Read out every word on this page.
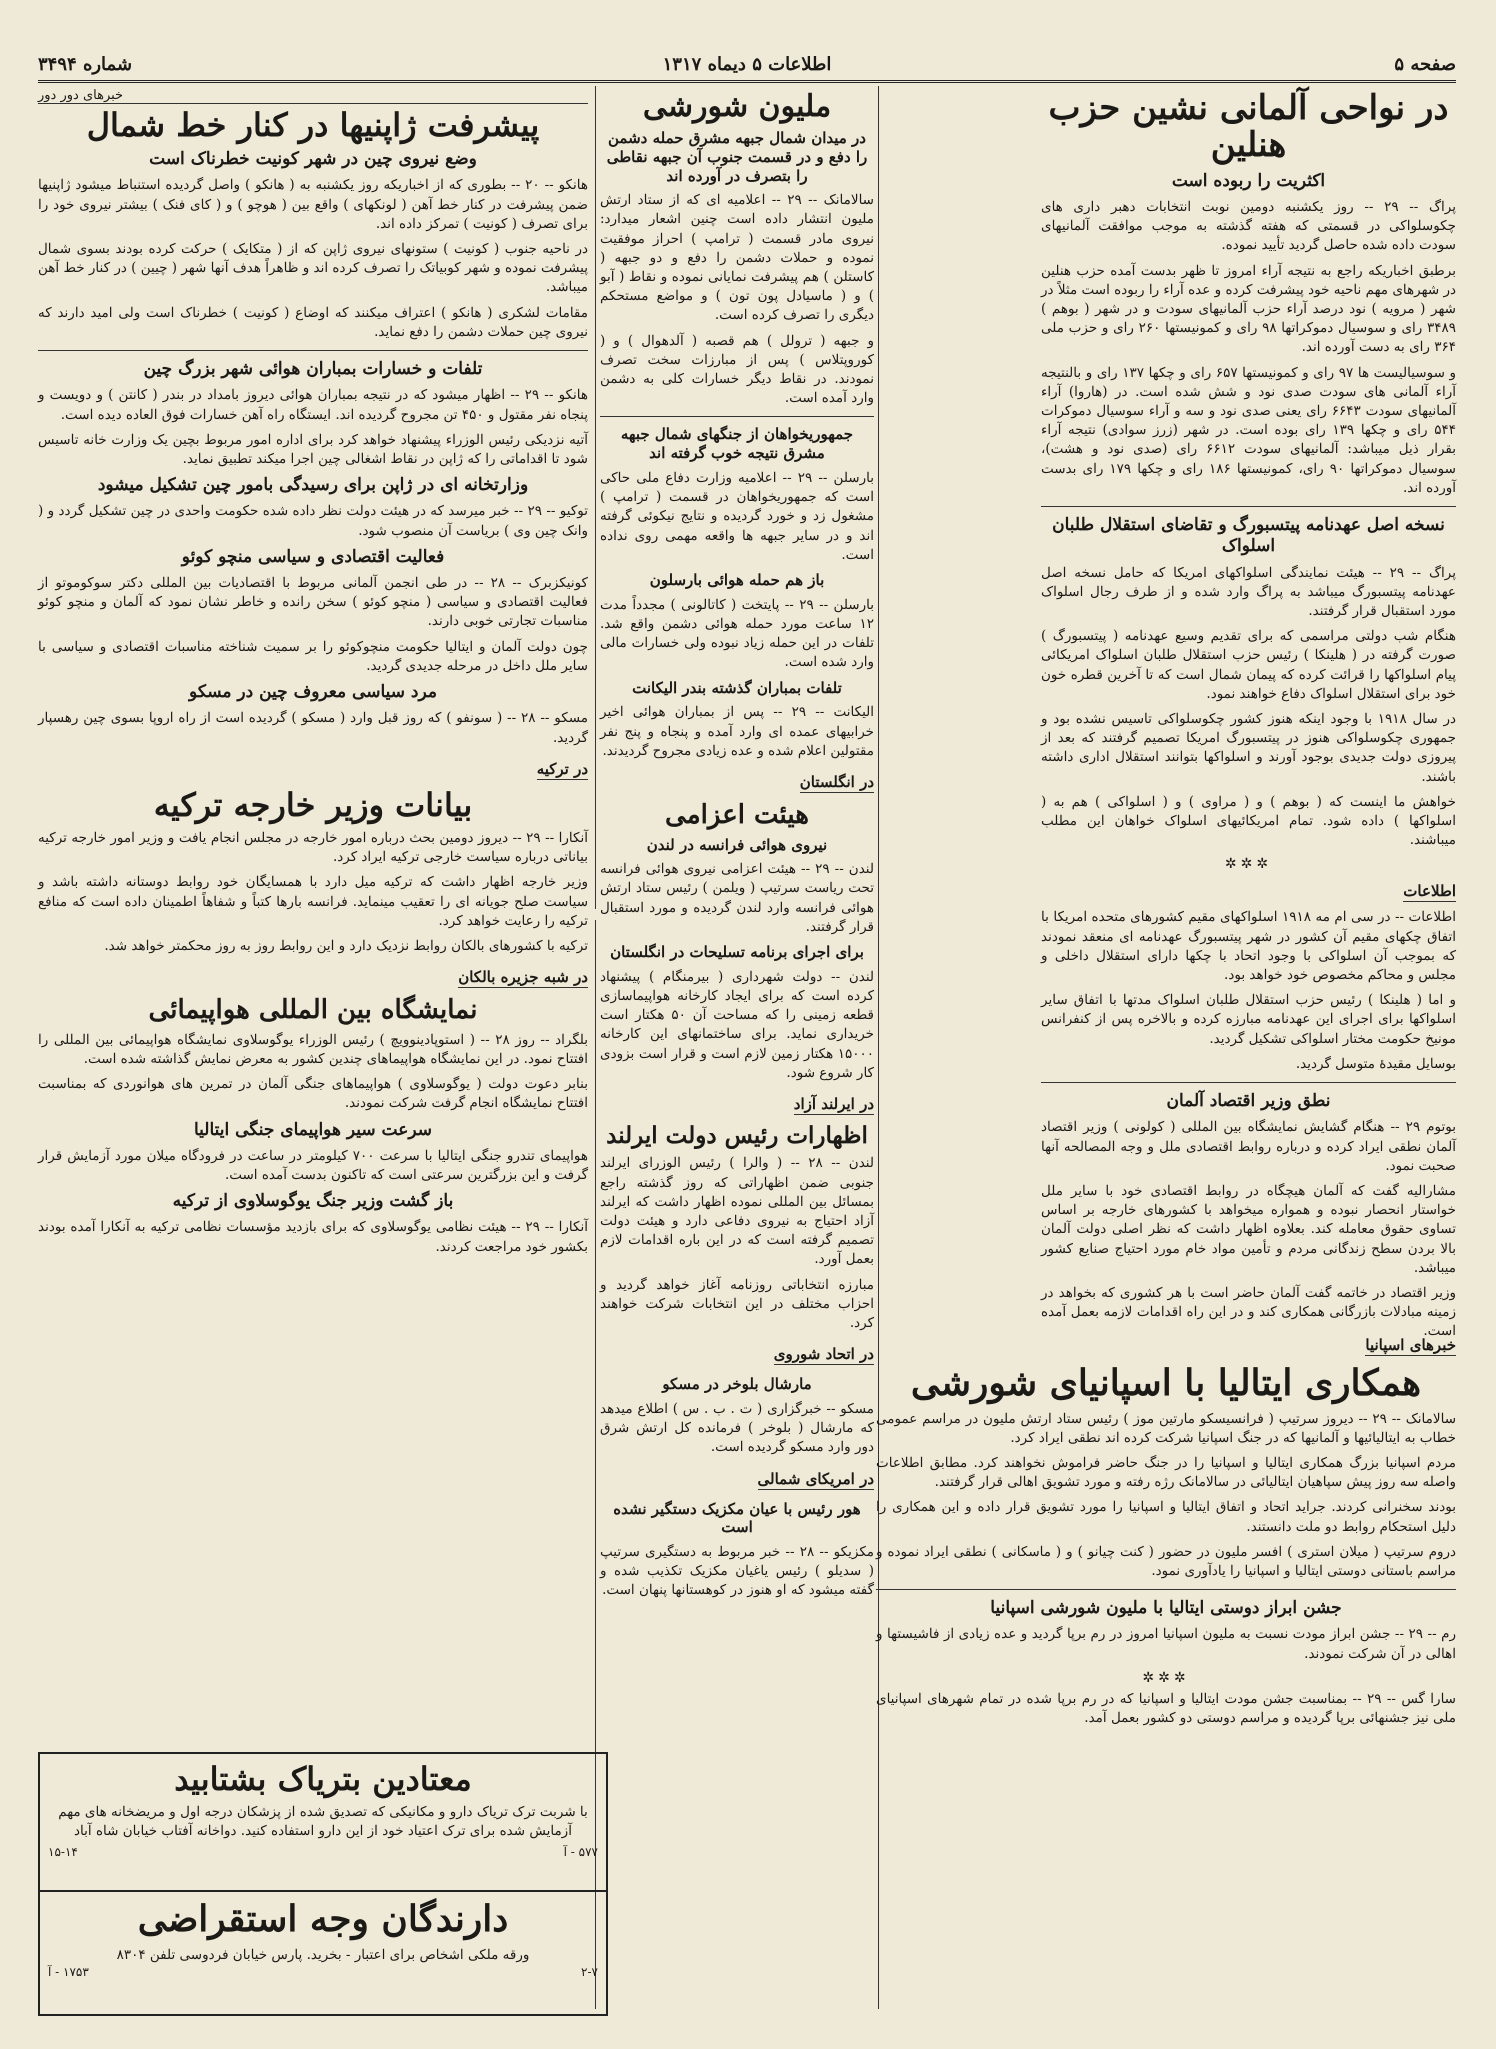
صفحه ۵
اطلاعات ۵ دیماه ۱۳۱۷
شماره ۳۴۹۴
در نواحی آلمانی نشین حزب هنلین
اکثریت را ربوده است

پراگ -- ۲۹ -- روز یکشنبه دومین نوبت انتخابات دهبر داری های چکوسلواکی در قسمتی که هفته گذشته به موجب موافقت آلمانیهای سودت داده شده حاصل گردید تأیید نموده.

برطبق اخباریکه راجع به نتیجه آراء امروز تا ظهر بدست آمده حزب هنلین در شهرهای مهم ناحیه خود پیشرفت کرده و عده آراء را ربوده است مثلاً در شهر ( مرویه ) نود درصد آراء حزب آلمانیهای سودت و در شهر ( بوهم ) ۳۴۸۹ رای و سوسیال دموکراتها ۹۸ رای و کمونیستها ۲۶۰ رای و حزب ملی ۳۶۴ رای به دست آورده اند.

و سوسیالیست ها ۹۷ رای و کمونیستها ۶۵۷ رای و چکها ۱۳۷ رای و بالنتیجه آراء آلمانی های سودت صدی نود و شش شده است. در (هاروا) آراء آلمانیهای سودت ۶۶۴۳ رای یعنی صدی نود و سه و آراء سوسیال دموکرات ۵۴۴ رای و چکها ۱۳۹ رای بوده است. در شهر (زرز سوادی) نتیجه آراء بقرار ذیل میباشد: آلمانیهای سودت ۶۶۱۲ رای (صدی نود و هشت)، سوسیال دموکراتها ۹۰ رای، کمونیستها ۱۸۶ رای و چکها ۱۷۹ رای بدست آورده اند.

نسخه اصل عهدنامه پیتسبورگ و تقاضای استقلال طلبان اسلواک

پراگ -- ۲۹ -- هیئت نمایندگی اسلواکهای امریکا که حامل نسخه اصل عهدنامه پیتسبورگ میباشد به پراگ وارد شده و از طرف رجال اسلواک مورد استقبال قرار گرفتند.

هنگام شب دولتی مراسمی که برای تقدیم وسیع عهدنامه ( پیتسبورگ ) صورت گرفته در ( هلینکا ) رئیس حزب استقلال طلبان اسلواک امریکائی پیام اسلواکها را قرائت کرده که پیمان شمال است که تا آخرین قطره خون خود برای استقلال اسلواک دفاع خواهند نمود.

در سال ۱۹۱۸ با وجود اینکه هنوز کشور چکوسلواکی تاسیس نشده بود و جمهوری چکوسلواکی هنوز در پیتسبورگ امریکا تصمیم گرفتند که بعد از پیروزی دولت جدیدی بوجود آورند و اسلواکها بتوانند استقلال اداری داشته باشند.

خواهش ما اینست که ( بوهم ) و ( مراوی ) و ( اسلواکی ) هم به ( اسلواکها ) داده شود. تمام امریکائیهای اسلواک خواهان این مطلب میباشند.

✲✲✲
اطلاعات

اطلاعات -- در سی ام مه ۱۹۱۸ اسلواکهای مقیم کشورهای متحده امریکا با اتفاق چکهای مقیم آن کشور در شهر پیتسبورگ عهدنامه ای منعقد نمودند که بموجب آن اسلواکی با وجود اتحاد با چکها دارای استقلال داخلی و مجلس و محاکم مخصوص خود خواهد بود.

و اما ( هلینکا ) رئیس حزب استقلال طلبان اسلواک مدتها با اتفاق سایر اسلواکها برای اجرای این عهدنامه مبارزه کرده و بالاخره پس از کنفرانس مونیخ حکومت مختار اسلواکی تشکیل گردید.

بوسایل مقیدۀ متوسل گردید.

نطق وزیر اقتصاد آلمان

بوتوم ۲۹ -- هنگام گشایش نمایشگاه بین المللی ( کولونی ) وزیر اقتصاد آلمان نطقی ایراد کرده و درباره روابط اقتصادی ملل و وجه المصالحه آنها صحبت نمود.

مشارالیه گفت که آلمان هیچگاه در روابط اقتصادی خود با سایر ملل خواستار انحصار نبوده و همواره میخواهد با کشورهای خارجه بر اساس تساوی حقوق معامله کند. بعلاوه اظهار داشت که نظر اصلی دولت آلمان بالا بردن سطح زندگانی مردم و تأمین مواد خام مورد احتیاج صنایع کشور میباشد.

وزیر اقتصاد در خاتمه گفت آلمان حاضر است با هر کشوری که بخواهد در زمینه مبادلات بازرگانی همکاری کند و در این راه اقدامات لازمه بعمل آمده است.

ملیون شورشی
در میدان شمال جبهه مشرق حمله دشمن را دفع و در قسمت جنوب آن جبهه نقاطی را بتصرف در آورده اند

سالامانک -- ۲۹ -- اعلامیه ای که از ستاد ارتش ملیون انتشار داده است چنین اشعار میدارد: نیروی مادر قسمت ( ترامپ ) احراز موفقیت نموده و حملات دشمن را دفع و دو جبهه ( کاستلن ) هم پیشرفت نمایانی نموده و نقاط ( آبو ) و ( ماسیادل پون تون ) و مواضع مستحکم دیگری را تصرف کرده است.

و جبهه ( ترولل ) هم قصبه ( آلدهوال ) و ( کوروپتلاس ) پس از مبارزات سخت تصرف نمودند. در نقاط دیگر خسارات کلی به دشمن وارد آمده است.

جمهوریخواهان از جنگهای شمال جبهه مشرق نتیجه خوب گرفته اند

بارسلن -- ۲۹ -- اعلامیه وزارت دفاع ملی حاکی است که جمهوریخواهان در قسمت ( ترامپ ) مشغول زد و خورد گردیده و نتایج نیکوئی گرفته اند و در سایر جبهه ها واقعه مهمی روی نداده است.

باز هم حمله هوائی بارسلون

بارسلن -- ۲۹ -- پایتخت ( کاتالونی ) مجدداً مدت ۱۲ ساعت مورد حمله هوائی دشمن واقع شد. تلفات در این حمله زیاد نبوده ولی خسارات مالی وارد شده است.

تلفات بمباران گذشته بندر الیکانت

الیکانت -- ۲۹ -- پس از بمباران هوائی اخیر خرابیهای عمده ای وارد آمده و پنجاه و پنج نفر مقتولین اعلام شده و عده زیادی مجروح گردیدند.

در انگلستان
هیئت اعزامی
نیروی هوائی فرانسه در لندن

لندن -- ۲۹ -- هیئت اعزامی نیروی هوائی فرانسه تحت ریاست سرتیپ ( ویلمن ) رئیس ستاد ارتش هوائی فرانسه وارد لندن گردیده و مورد استقبال قرار گرفتند.

برای اجرای برنامه تسلیحات در انگلستان

لندن -- دولت شهرداری ( بیرمنگام ) پیشنهاد کرده است که برای ایجاد کارخانه هواپیماسازی قطعه زمینی را که مساحت آن ۵۰ هکتار است خریداری نماید. برای ساختمانهای این کارخانه ۱۵۰۰۰ هکتار زمین لازم است و قرار است بزودی کار شروع شود.

در ایرلند آزاد
اظهارات رئیس دولت ایرلند

لندن -- ۲۸ -- ( والرا ) رئیس الوزرای ایرلند جنوبی ضمن اظهاراتی که روز گذشته راجع بمسائل بین المللی نموده اظهار داشت که ایرلند آزاد احتیاج به نیروی دفاعی دارد و هیئت دولت تصمیم گرفته است که در این باره اقدامات لازم بعمل آورد.

مبارزه انتخاباتی روزنامه آغاز خواهد گردید و احزاب مختلف در این انتخابات شرکت خواهند کرد.

در اتحاد شوروی
مارشال بلوخر در مسکو

مسکو -- خبرگزاری ( ت . ب . س ) اطلاع میدهد که مارشال ( بلوخر ) فرمانده کل ارتش شرق دور وارد مسکو گردیده است.

در امریکای شمالی
هور رئیس با عیان مکزیک دستگیر نشده است

مکزیکو -- ۲۸ -- خبر مربوط به دستگیری سرتیپ ( سدیلو ) رئیس یاغیان مکزیک تکذیب شده و گفته میشود که او هنوز در کوهستانها پنهان است.

خبرهای دور دور
پیشرفت ژاپنیها در کنار خط شمال
وضع نیروی چین در شهر کونیت خطرناک است

هانکو -- ۲۰ -- بطوری که از اخباریکه روز یکشنبه به ( هانکو ) واصل گردیده استنباط میشود ژاپنیها ضمن پیشرفت در کنار خط آهن ( لونکهای ) واقع بین ( هوچو ) و ( کای فنک ) بیشتر نیروی خود را برای تصرف ( کونیت ) تمرکز داده اند.

در ناحیه جنوب ( کونیت ) ستونهای نیروی ژاپن که از ( متکایک ) حرکت کرده بودند بسوی شمال پیشرفت نموده و شهر کوبیاتک را تصرف کرده اند و ظاهراً هدف آنها شهر ( چیین ) در کنار خط آهن میباشد.

مقامات لشکری ( هانکو ) اعتراف میکنند که اوضاع ( کونیت ) خطرناک است ولی امید دارند که نیروی چین حملات دشمن را دفع نماید.

تلفات و خسارات بمباران هوائی شهر بزرگ چین

هانکو -- ۲۹ -- اظهار میشود که در نتیجه بمباران هوائی دیروز بامداد در بندر ( کانتن ) و دویست و پنجاه نفر مقتول و ۴۵۰ تن مجروح گردیده اند. ایستگاه راه آهن خسارات فوق العاده دیده است.

آتیه نزدیکی رئیس الوزراء پیشنهاد خواهد کرد برای اداره امور مربوط بچین یک وزارت خانه تاسیس شود تا اقداماتی را که ژاپن در نقاط اشغالی چین اجرا میکند تطبیق نماید.

وزارتخانه ای در ژاپن برای رسیدگی بامور چین تشکیل میشود

توکیو -- ۲۹ -- خبر میرسد که در هیئت دولت نظر داده شده حکومت واحدی در چین تشکیل گردد و ( وانک چین وی ) بریاست آن منصوب شود.

فعالیت اقتصادی و سیاسی منچو کوئو

کونیکزبرک -- ۲۸ -- در طی انجمن آلمانی مربوط با اقتصادیات بین المللی دکتر سوکوموتو از فعالیت اقتصادی و سیاسی ( منچو کوئو ) سخن رانده و خاطر نشان نمود که آلمان و منچو کوئو مناسبات تجارتی خوبی دارند.

چون دولت آلمان و ایتالیا حکومت منچوکوئو را بر سمیت شناخته مناسبات اقتصادی و سیاسی با سایر ملل داخل در مرحله جدیدی گردید.

مرد سیاسی معروف چین در مسکو

مسکو -- ۲۸ -- ( سونفو ) که روز قبل وارد ( مسکو ) گردیده است از راه اروپا بسوی چین رهسپار گردید.

در ترکیه
بیانات وزیر خارجه ترکیه

آنکارا -- ۲۹ -- دیروز دومین بحث درباره امور خارجه در مجلس انجام یافت و وزیر امور خارجه ترکیه بیاناتی درباره سیاست خارجی ترکیه ایراد کرد.

وزیر خارجه اظهار داشت که ترکیه میل دارد با همسایگان خود روابط دوستانه داشته باشد و سیاست صلح جویانه ای را تعقیب مینماید. فرانسه بارها کتباً و شفاهاً اطمینان داده است که منافع ترکیه را رعایت خواهد کرد.

ترکیه با کشورهای بالکان روابط نزدیک دارد و این روابط روز به روز محکمتر خواهد شد.

در شبه جزیره بالکان
نمایشگاه بین المللی هواپیمائی

بلگراد -- روز ۲۸ -- ( استوپادینوویچ ) رئیس الوزراء یوگوسلاوی نمایشگاه هواپیمائی بین المللی را افتتاح نمود. در این نمایشگاه هواپیماهای چندین کشور به معرض نمایش گذاشته شده است.

بنابر دعوت دولت ( یوگوسلاوی ) هواپیماهای جنگی آلمان در تمرین های هوانوردی که بمناسبت افتتاح نمایشگاه انجام گرفت شرکت نمودند.

سرعت سیر هواپیمای جنگی ایتالیا

هواپیمای تندرو جنگی ایتالیا با سرعت ۷۰۰ کیلومتر در ساعت در فرودگاه میلان مورد آزمایش قرار گرفت و این بزرگترین سرعتی است که تاکنون بدست آمده است.

باز گشت وزیر جنگ یوگوسلاوی از ترکیه

آنکارا -- ۲۹ -- هیئت نظامی یوگوسلاوی که برای بازدید مؤسسات نظامی ترکیه به آنکارا آمده بودند بکشور خود مراجعت کردند.

معتادین بتریاک بشتابید
با شربت ترک تریاک دارو و مکانیکی که تصدیق شده از پزشکان درجه اول و مریضخانه های مهم آزمایش شده برای ترک اعتیاد خود از این دارو استفاده کنید. دواخانه آفتاب خیابان شاه آباد
۵۷۷ - آ
۱۵-۱۴
دارندگان وجه استقراضی
ورقه ملکی اشخاص برای اعتبار - بخرید. پارس خیابان فردوسی تلفن ۸۳۰۴
۲-۷
۱۷۵۳ - آ
خبرهای اسپانیا
همکاری ایتالیا با اسپانیای شورشی

سالامانک -- ۲۹ -- دیروز سرتیپ ( فرانسیسکو مارتین موز ) رئیس ستاد ارتش ملیون در مراسم عمومی خطاب به ایتالیائیها و آلمانیها که در جنگ اسپانیا شرکت کرده اند نطقی ایراد کرد.

مردم اسپانیا بزرگ همکاری ایتالیا و اسپانیا را در جنگ حاضر فراموش نخواهند کرد. مطابق اطلاعات واصله سه روز پیش سپاهیان ایتالیائی در سالامانک رژه رفته و مورد تشویق اهالی قرار گرفتند.

بودند سخنرانی کردند. جراید اتحاد و اتفاق ایتالیا و اسپانیا را مورد تشویق قرار داده و این همکاری را دلیل استحکام روابط دو ملت دانستند.

دروم سرتیپ ( میلان استری ) افسر ملیون در حضور ( کنت چیانو ) و ( ماسکانی ) نطقی ایراد نموده و مراسم باستانی دوستی ایتالیا و اسپانیا را یادآوری نمود.

جشن ابراز دوستی ایتالیا با ملیون شورشی اسپانیا

رم -- ۲۹ -- جشن ابراز مودت نسبت به ملیون اسپانیا امروز در رم برپا گردید و عده زیادی از فاشیستها و اهالی در آن شرکت نمودند.

✲✲✲

سارا گس -- ۲۹ -- بمناسبت جشن مودت ایتالیا و اسپانیا که در رم برپا شده در تمام شهرهای اسپانیای ملی نیز جشنهائی برپا گردیده و مراسم دوستی دو کشور بعمل آمد.
